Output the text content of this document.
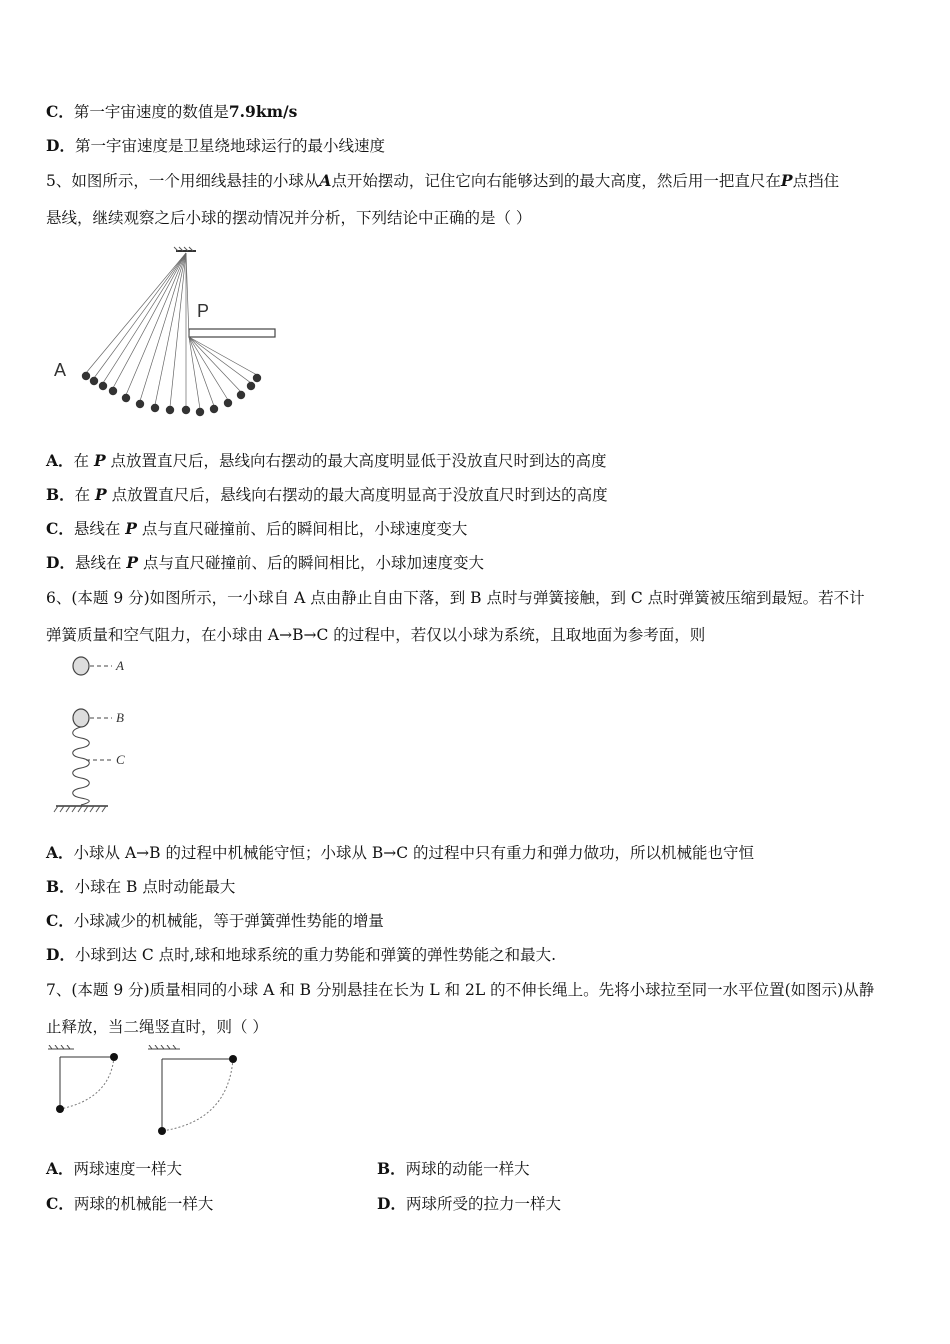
C．第一宇宙速度的数值是7.9km/s
D．第一宇宙速度是卫星绕地球运行的最小线速度
5、如图所示，一个用细线悬挂的小球从A点开始摆动，记住它向右能够达到的最大高度，然后用一把直尺在P点挡住
悬线，继续观察之后小球的摆动情况并分析，下列结论中正确的是（ ）
P
A
A．在 P 点放置直尺后，悬线向右摆动的最大高度明显低于没放直尺时到达的高度
B．在 P 点放置直尺后，悬线向右摆动的最大高度明显高于没放直尺时到达的高度
C．悬线在 P 点与直尺碰撞前、后的瞬间相比，小球速度变大
D．悬线在 P 点与直尺碰撞前、后的瞬间相比，小球加速度变大
6、(本题 9 分)如图所示，一小球自 A 点由静止自由下落，到 B 点时与弹簧接触，到 C 点时弹簧被压缩到最短。若不计
弹簧质量和空气阻力，在小球由 A→B→C 的过程中，若仅以小球为系统，且取地面为参考面，则
A
B
C
A．小球从 A→B 的过程中机械能守恒；小球从 B→C 的过程中只有重力和弹力做功，所以机械能也守恒
B．小球在 B 点时动能最大
C．小球减少的机械能，等于弹簧弹性势能的增量
D．小球到达 C 点时,球和地球系统的重力势能和弹簧的弹性势能之和最大.
7、(本题 9 分)质量相同的小球 A 和 B 分别悬挂在长为 L 和 2L 的不伸长绳上。先将小球拉至同一水平位置(如图示)从静
止释放，当二绳竖直时，则（ ）
A．两球速度一样大	B．两球的动能一样大
C．两球的机械能一样大	D．两球所受的拉力一样大
